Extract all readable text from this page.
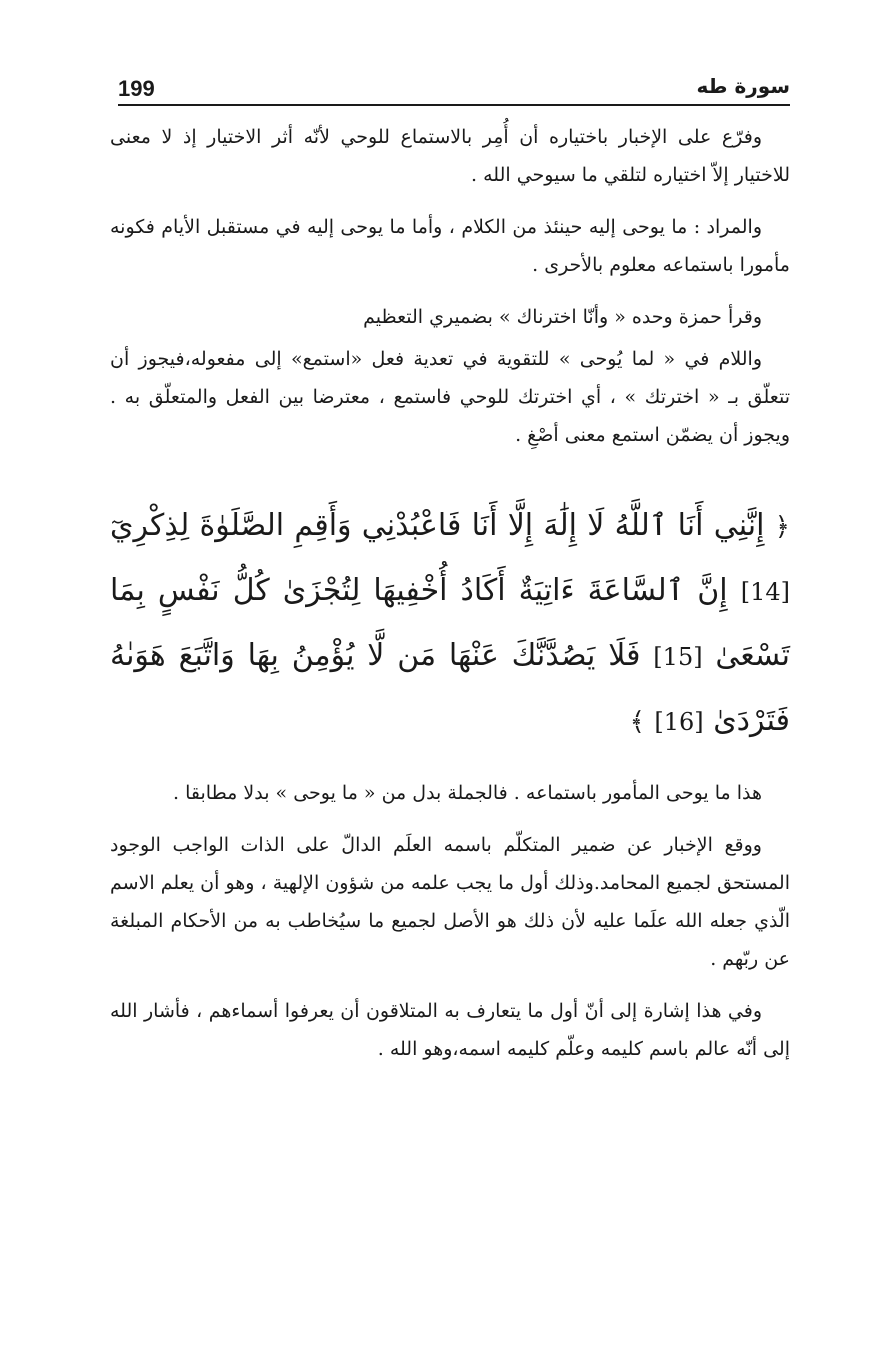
199	سورة طه

وفرّع على الإخبار باختياره أن أُمِر بالاستماع للوحي لأنّه أثر الاختيار إذ لا معنى للاختيار إلاّ اختياره لتلقي ما سيوحي الله .

والمراد : ما يوحى إليه حينئذ من الكلام ، وأما ما يوحى إليه في مستقبل الأيام فكونه مأمورا باستماعه معلوم بالأحرى .

وقرأ حمزة وحده « وأنّا اخترناك » بضميري التعظيم

واللام في « لما يُوحى » للتقوية في تعدية فعل «استمع» إلى مفعوله،فيجوز أن تتعلّق بـ « اخترتك » ، أي اخترتك للوحي فاستمع ، معترضا بين الفعل والمتعلّق به . ويجوز أن يضمّن استمع معنى أصْغِ .

﴿ إِنَّنِي أَنَا ٱللَّهُ لَا إِلَٰهَ إِلَّا أَنَا فَاعْبُدْنِي وَأَقِمِ الصَّلَوٰةَ لِذِكْرِيٓ [14] إِنَّ ٱلسَّاعَةَ ءَاتِيَةٌ أَكَادُ أُخْفِيهَا لِتُجْزَىٰ كُلُّ نَفْسٍ بِمَا تَسْعَىٰ [15] فَلَا يَصُدَّنَّكَ عَنْهَا مَن لَّا يُؤْمِنُ بِهَا وَاتَّبَعَ هَوَىٰهُ فَتَرْدَىٰ [16] ﴾

هذا ما يوحى المأمور باستماعه . فالجملة بدل من « ما يوحى » بدلا مطابقا .

ووقع الإخبار عن ضمير المتكلّم باسمه العلَم الدالّ على الذات الواجب الوجود المستحق لجميع المحامد.وذلك أول ما يجب علمه من شؤون الإلهية ، وهو أن يعلم الاسم الّذي جعله الله علَما عليه لأن ذلك هو الأصل لجميع ما سيُخاطب به من الأحكام المبلغة عن ربّهم .

وفي هذا إشارة إلى أنّ أول ما يتعارف به المتلاقون أن يعرفوا أسماءهم ، فأشار الله إلى أنّه عالم باسم كليمه وعلّم كليمه اسمه،وهو الله .
